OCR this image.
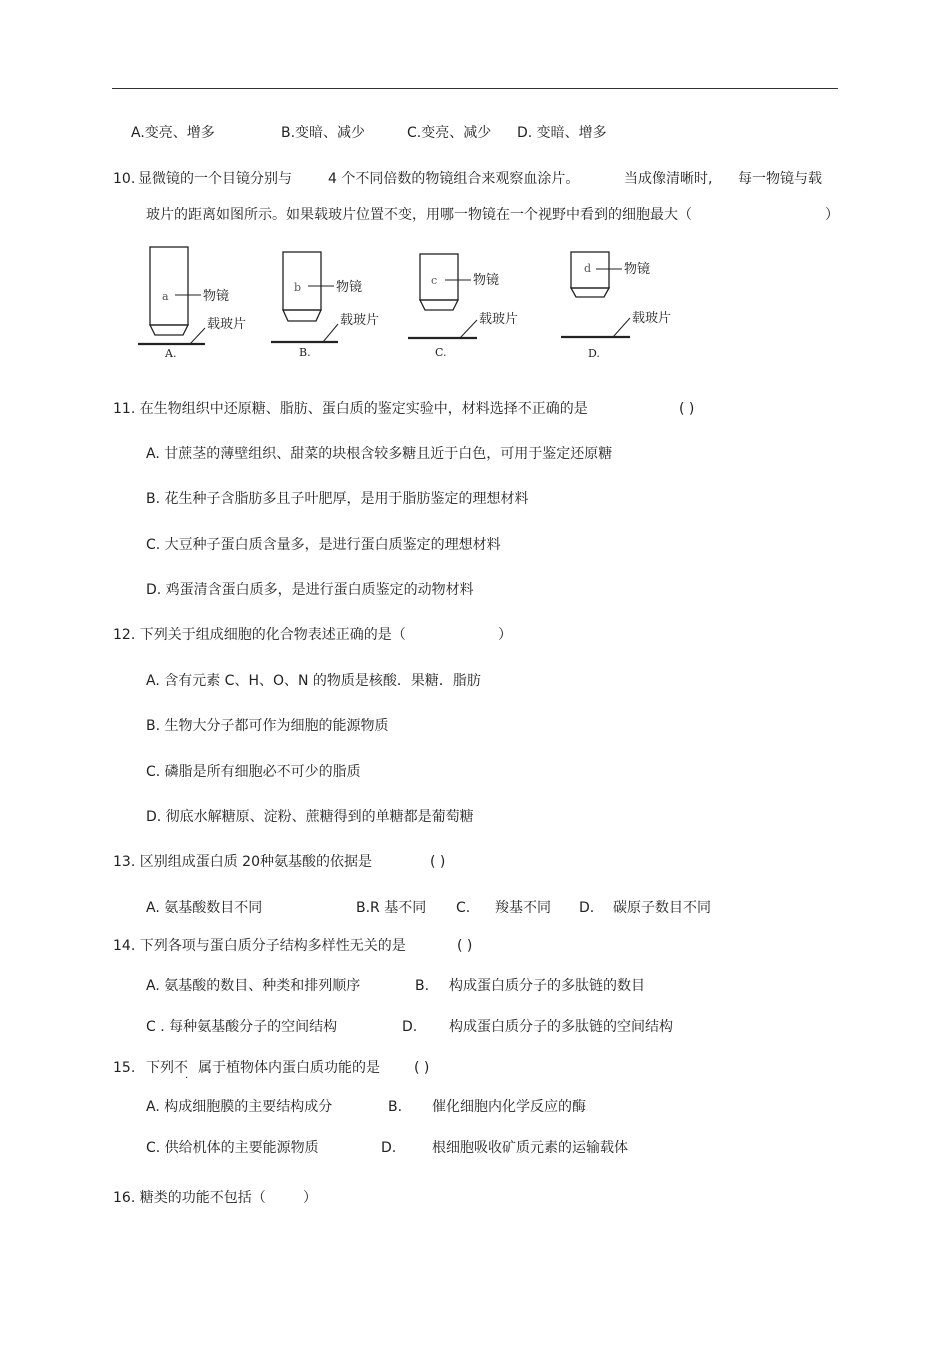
A.变亮、增多	B.变暗、减少	C.变亮、减少 D. 变暗、增多
10. 显微镜的一个目镜分别与	4 个不同倍数的物镜组合来观察血涂片。	当成像清晰时, 每一物镜与载
玻片的距离如图所示。如果载玻片位置不变，用哪一物镜在一个视野中看到的细胞最大（	）
a	物镜
载玻片
A.
b	物镜
载玻片
B.
c	物镜
载玻片
C.
d	物镜
载玻片
D.
11. 在生物组织中还原糖、脂肪、蛋白质的鉴定实验中，材料选择不正确的是	( )
A. 甘蔗茎的薄壁组织、甜菜的块根含较多糖且近于白色，可用于鉴定还原糖
B. 花生种子含脂肪多且子叶肥厚，是用于脂肪鉴定的理想材料
C. 大豆种子蛋白质含量多，是进行蛋白质鉴定的理想材料
D. 鸡蛋清含蛋白质多，是进行蛋白质鉴定的动物材料
12. 下列关于组成细胞的化合物表述正确的是（	）
A. 含有元素 C、H、O、N 的物质是核酸．果糖．脂肪
B. 生物大分子都可作为细胞的能源物质
C. 磷脂是所有细胞必不可少的脂质
D. 彻底水解糖原、淀粉、蔗糖得到的单糖都是葡萄糖
13. 区别组成蛋白质 20种氨基酸的依据是	( )
A. 氨基酸数目不同	B.R 基不同 C. 羧基不同 D. 碳原子数目不同
14. 下列各项与蛋白质分子结构多样性无关的是	( )
A. 氨基酸的数目、种类和排列顺序	B. 构成蛋白质分子的多肽链的数目
C . 每种氨基酸分子的空间结构	D. 构成蛋白质分子的多肽链的空间结构
15. 下列不
·
属于植物体内蛋白质功能的是 ( )
A. 构成细胞膜的主要结构成分	B. 催化细胞内化学反应的酶
C. 供给机体的主要能源物质	D.	根细胞吸收矿质元素的运输载体
16. 糖类的功能不包括（	）
